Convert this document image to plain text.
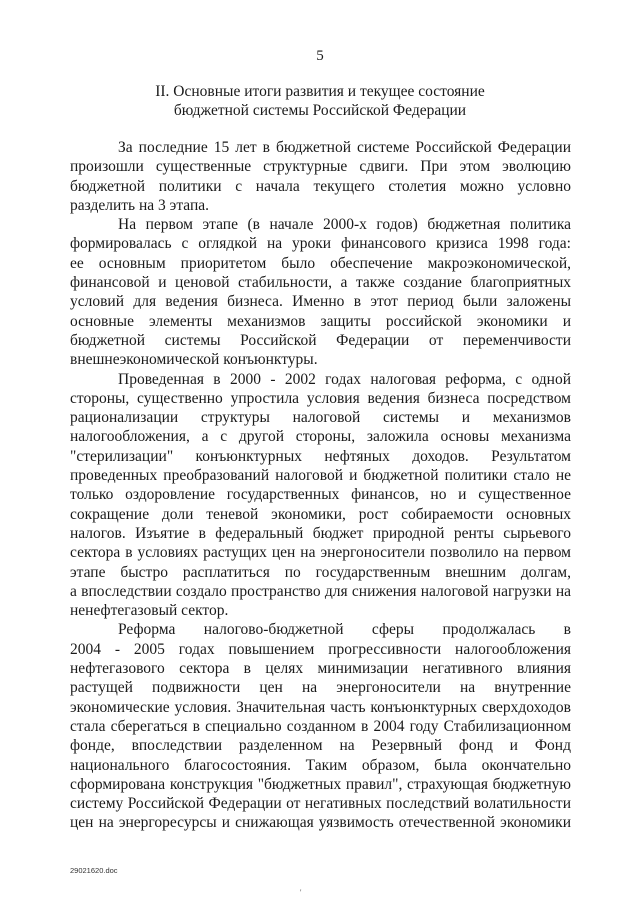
5
II. Основные итоги развития и текущее состояние
бюджетной системы Российской Федерации
За последние 15 лет в бюджетной системе Российской Федерации
произошли существенные структурные сдвиги. При этом эволюцию
бюджетной политики с начала текущего столетия можно условно
разделить на 3 этапа.
На первом этапе (в начале 2000-х годов) бюджетная политика
формировалась с оглядкой на уроки финансового кризиса 1998 года:
ее основным приоритетом было обеспечение макроэкономической,
финансовой и ценовой стабильности, а также создание благоприятных
условий для ведения бизнеса. Именно в этот период были заложены
основные элементы механизмов защиты российской экономики и
бюджетной системы Российской Федерации от переменчивости
внешнеэкономической конъюнктуры.
Проведенная в 2000 - 2002 годах налоговая реформа, с одной
стороны, существенно упростила условия ведения бизнеса посредством
рационализации структуры налоговой системы и механизмов
налогообложения, а с другой стороны, заложила основы механизма
"стерилизации" конъюнктурных нефтяных доходов. Результатом
проведенных преобразований налоговой и бюджетной политики стало не
только оздоровление государственных финансов, но и существенное
сокращение доли теневой экономики, рост собираемости основных
налогов. Изъятие в федеральный бюджет природной ренты сырьевого
сектора в условиях растущих цен на энергоносители позволило на первом
этапе быстро расплатиться по государственным внешним долгам,
а впоследствии создало пространство для снижения налоговой нагрузки на
ненефтегазовый сектор.
Реформа налогово-бюджетной сферы продолжалась в
2004 - 2005 годах повышением прогрессивности налогообложения
нефтегазового сектора в целях минимизации негативного влияния
растущей подвижности цен на энергоносители на внутренние
экономические условия. Значительная часть конъюнктурных сверхдоходов
стала сберегаться в специально созданном в 2004 году Стабилизационном
фонде, впоследствии разделенном на Резервный фонд и Фонд
национального благосостояния. Таким образом, была окончательно
сформирована конструкция "бюджетных правил", страхующая бюджетную
систему Российской Федерации от негативных последствий волатильности
цен на энергоресурсы и снижающая уязвимость отечественной экономики
29021620.doc
'
